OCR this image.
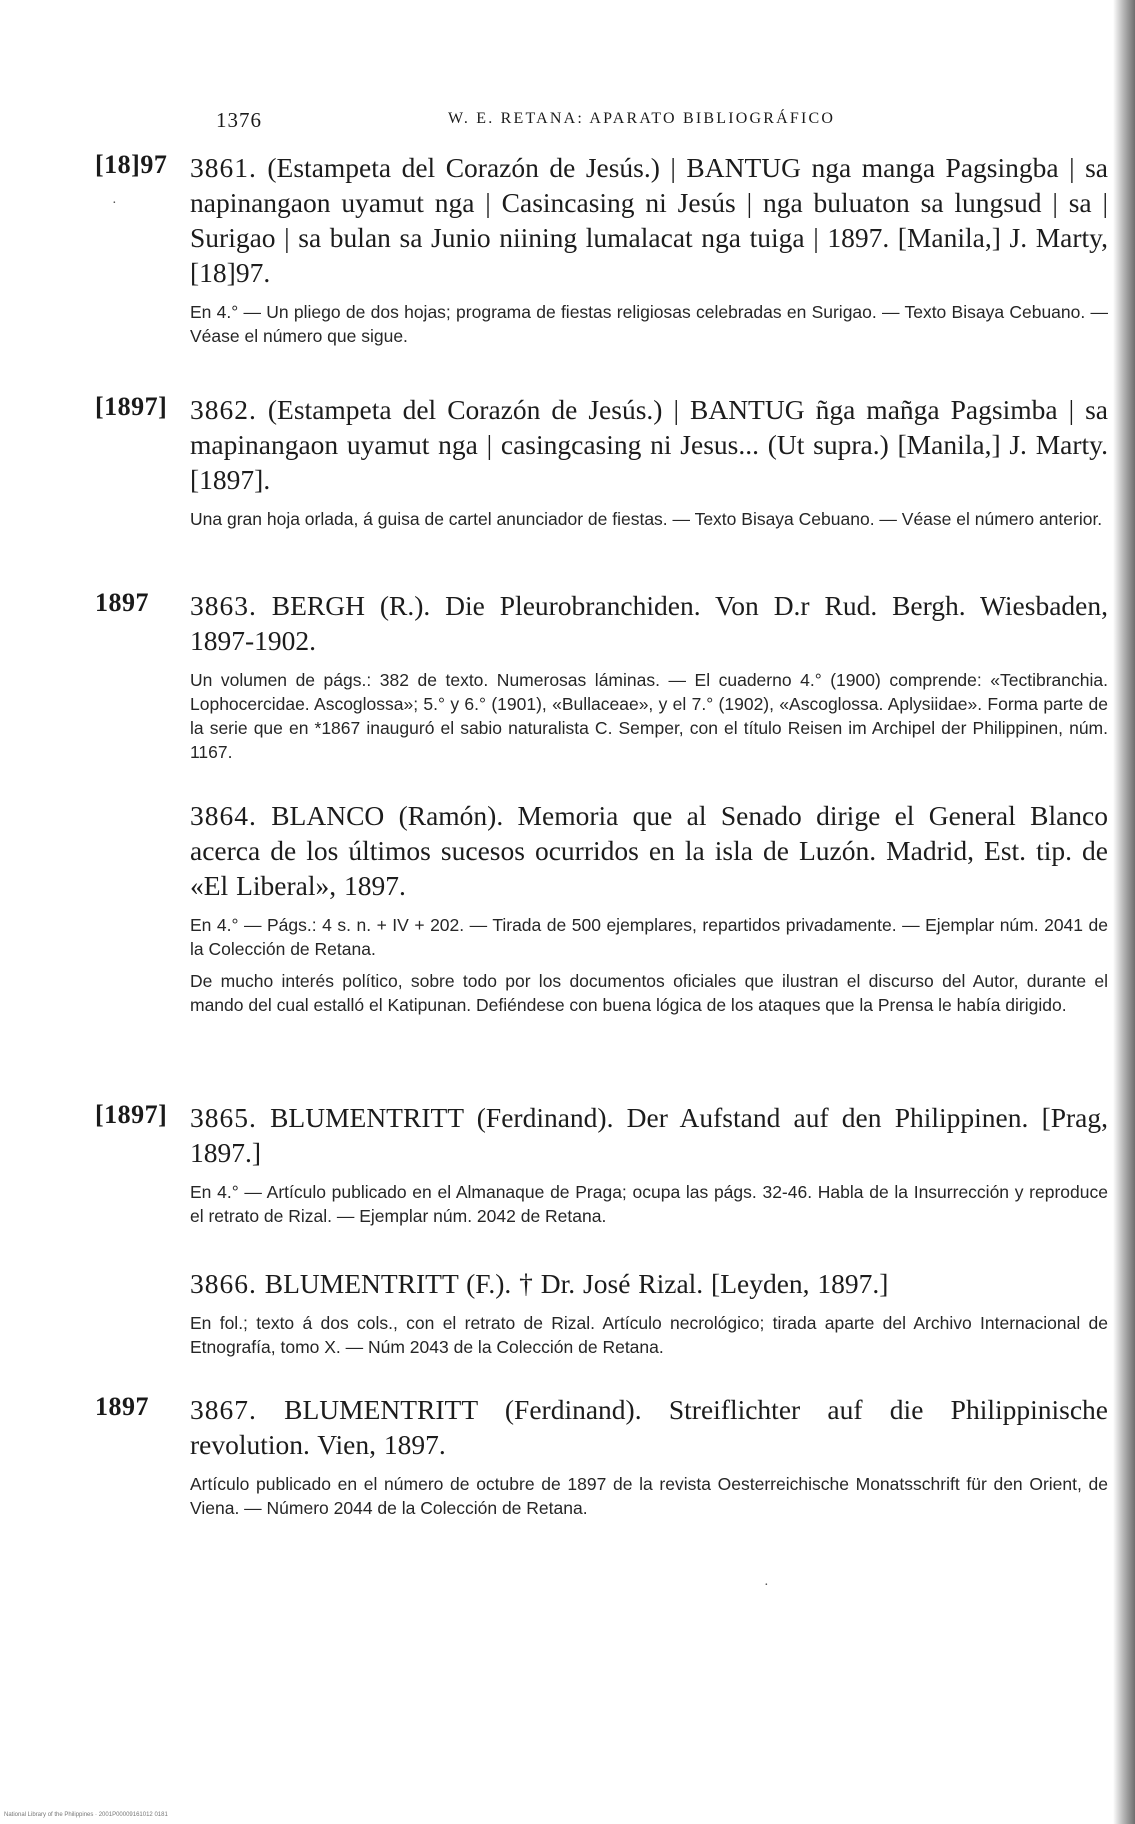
1376	W. E. RETANA: APARATO BIBLIOGRÁFICO
[18]97 3861. (Estampeta del Corazón de Jesús.) | BANTUG nga manga Pagsingba | sa napinangaon uyamut nga | Casincasing ni Jesús | nga buluaton sa lungsud | sa | Surigao | sa bulan sa Junio niining lumalacat nga tuiga | 1897. [Manila,] J. Marty, [18]97.

En 4.° — Un pliego de dos hojas; programa de fiestas religiosas celebradas en Surigao. — Texto Bisaya Cebuano. — Véase el número que sigue.

[1897] 3862. (Estampeta del Corazón de Jesús.) | BANTUG ñga mañga Pagsimba | sa mapinangaon uyamut nga | casingcasing ni Jesus... (Ut supra.) [Manila,] J. Marty. [1897].

Una gran hoja orlada, á guisa de cartel anunciador de fiestas. — Texto Bisaya Cebuano. — Véase el número anterior.

1897	3863. BERGH (R.). Die Pleurobranchiden. Von D.r Rud. Bergh. Wiesbaden, 1897-1902.

Un volumen de págs.: 382 de texto. Numerosas láminas. — El cuaderno 4.° (1900) comprende: «Tectibranchia. Lophocercidae. Ascoglossa»; 5.° y 6.° (1901), «Bullaceae», y el 7.° (1902), «Ascoglossa. Aplysiidae». Forma parte de la serie que en *1867 inauguró el sabio naturalista C. Semper, con el título Reisen im Archipel der Philippinen, núm. 1167.

3864. BLANCO (Ramón). Memoria que al Senado dirige el General Blanco acerca de los últimos sucesos ocurridos en la isla de Luzón. Madrid, Est. tip. de «El Liberal», 1897.

En 4.° — Págs.: 4 s. n. + IV + 202. — Tirada de 500 ejemplares, repartidos privadamente. — Ejemplar núm. 2041 de la Colección de Retana.

De mucho interés político, sobre todo por los documentos oficiales que ilustran el discurso del Autor, durante el mando del cual estalló el Katipunan. Defiéndese con buena lógica de los ataques que la Prensa le había dirigido.

[1897] 3865. BLUMENTRITT (Ferdinand). Der Aufstand auf den Philippinen. [Prag, 1897.]

En 4.° — Artículo publicado en el Almanaque de Praga; ocupa las págs. 32-46. Habla de la Insurrección y reproduce el retrato de Rizal. — Ejemplar núm. 2042 de Retana.

3866. BLUMENTRITT (F.). † Dr. José Rizal. [Leyden, 1897.]

En fol.; texto á dos cols., con el retrato de Rizal. Artículo necrológico; tirada aparte del Archivo Internacional de Etnografía, tomo X. — Núm 2043 de la Colección de Retana.

1897	3867. BLUMENTRITT (Ferdinand). Streiflichter auf die Philippinische revolution. Vien, 1897.

Artículo publicado en el número de octubre de 1897 de la revista Oesterreichische Monatsschrift für den Orient, de Viena. — Número 2044 de la Colección de Retana.

·
·
National Library of the Philippines · 2001P00009161012 0181
